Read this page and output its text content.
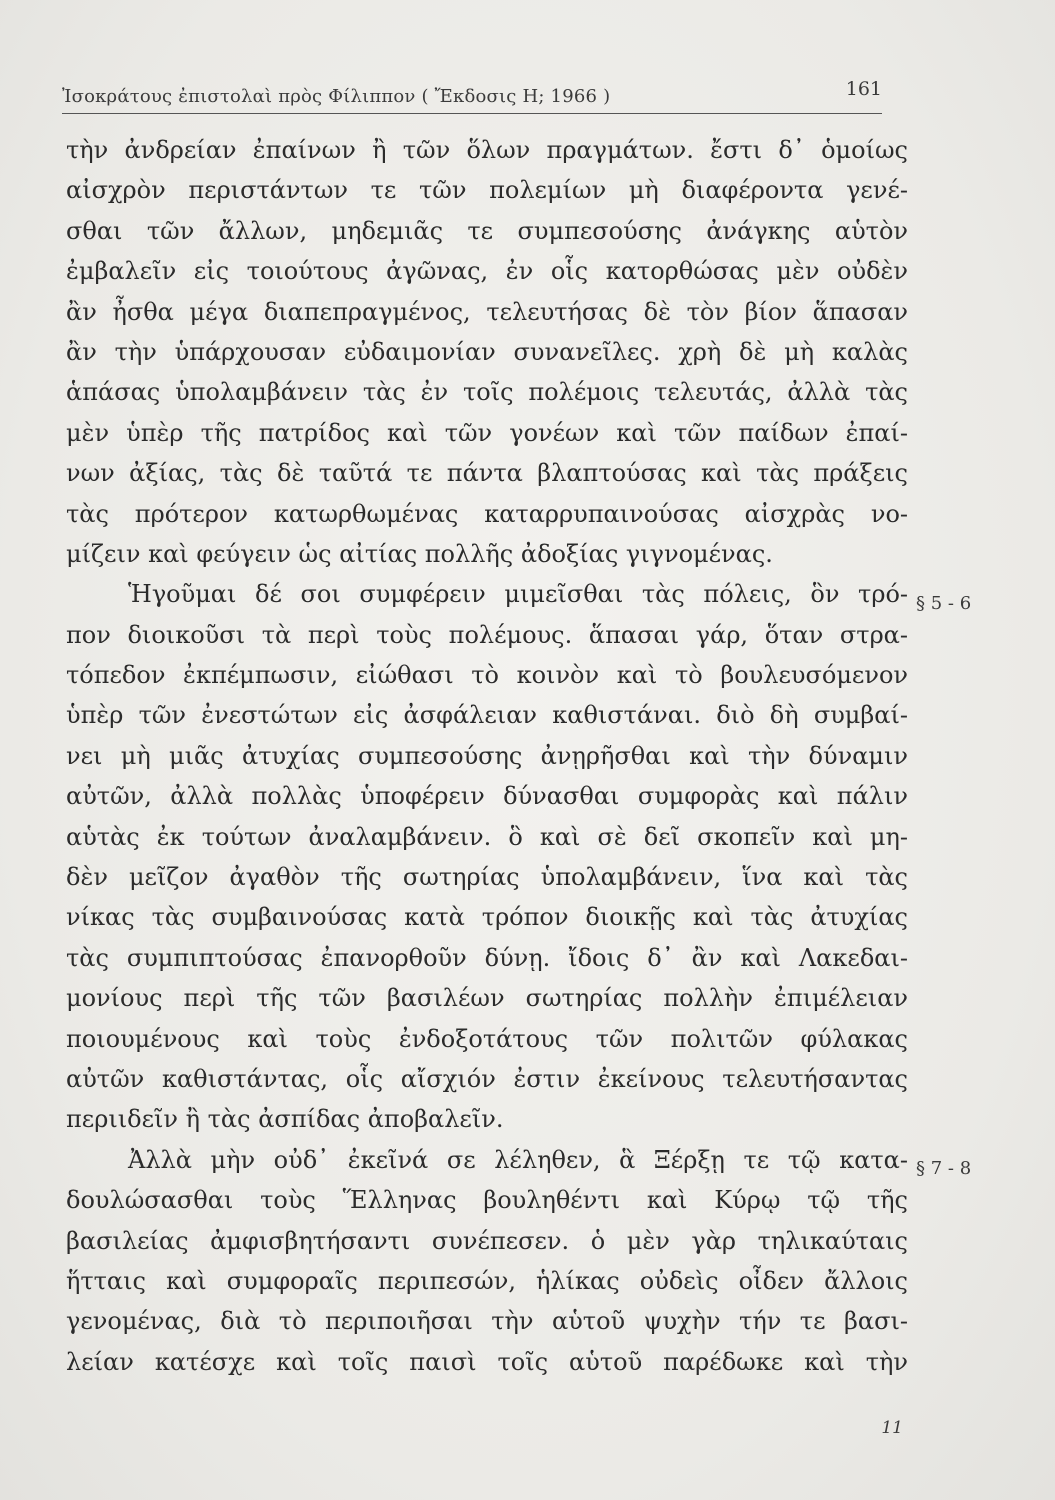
Ἰσοκράτους ἐπιστολαὶ πρὸς Φίλιππον ( Ἔκδοσις Η; 1966 )	161
τὴν ἀνδρείαν ἐπαίνων ἢ τῶν ὅλων πραγμάτων. ἔστι δ᾽ ὁμοίως
αἰσχρὸν περιστάντων τε τῶν πολεμίων μὴ διαφέροντα γενέ-
σθαι τῶν ἄλλων, μηδεμιᾶς τε συμπεσούσης ἀνάγκης αὑτὸν
ἐμβαλεῖν εἰς τοιούτους ἀγῶνας, ἐν οἷς κατορθώσας μὲν οὐδὲν
ἂν ἦσθα μέγα διαπεπραγμένος, τελευτήσας δὲ τὸν βίον ἅπασαν
ἂν τὴν ὑπάρχουσαν εὐδαιμονίαν συνανεῖλες. χρὴ δὲ μὴ καλὰς
ἁπάσας ὑπολαμβάνειν τὰς ἐν τοῖς πολέμοις τελευτάς, ἀλλὰ τὰς
μὲν ὑπὲρ τῆς πατρίδος καὶ τῶν γονέων καὶ τῶν παίδων ἐπαί-
νων ἀξίας, τὰς δὲ ταῦτά τε πάντα βλαπτούσας καὶ τὰς πράξεις
τὰς πρότερον κατωρθωμένας καταρρυπαινούσας αἰσχρὰς νο-
μίζειν καὶ φεύγειν ὡς αἰτίας πολλῆς ἀδοξίας γιγνομένας.
Ἡγοῦμαι δέ σοι συμφέρειν μιμεῖσθαι τὰς πόλεις, ὃν τρό-
πον διοικοῦσι τὰ περὶ τοὺς πολέμους. ἅπασαι γάρ, ὅταν στρα-
τόπεδον ἐκπέμπωσιν, εἰώθασι τὸ κοινὸν καὶ τὸ βουλευσόμενον
ὑπὲρ τῶν ἐνεστώτων εἰς ἀσφάλειαν καθιστάναι. διὸ δὴ συμβαί-
νει μὴ μιᾶς ἀτυχίας συμπεσούσης ἀνῃρῆσθαι καὶ τὴν δύναμιν
αὐτῶν, ἀλλὰ πολλὰς ὑποφέρειν δύνασθαι συμφορὰς καὶ πάλιν
αὑτὰς ἐκ τούτων ἀναλαμβάνειν. ὃ καὶ σὲ δεῖ σκοπεῖν καὶ μη-
δὲν μεῖζον ἀγαθὸν τῆς σωτηρίας ὑπολαμβάνειν, ἵνα καὶ τὰς
νίκας τὰς συμβαινούσας κατὰ τρόπον διοικῇς καὶ τὰς ἀτυχίας
τὰς συμπιπτούσας ἐπανορθοῦν δύνῃ. ἴδοις δ᾽ ἂν καὶ Λακεδαι-
μονίους περὶ τῆς τῶν βασιλέων σωτηρίας πολλὴν ἐπιμέλειαν
ποιουμένους καὶ τοὺς ἐνδοξοτάτους τῶν πολιτῶν φύλακας
αὐτῶν καθιστάντας, οἷς αἴσχιόν ἐστιν ἐκείνους τελευτήσαντας
περιιδεῖν ἢ τὰς ἀσπίδας ἀποβαλεῖν.
Ἀλλὰ μὴν οὐδ᾽ ἐκεῖνά σε λέληθεν, ἃ Ξέρξῃ τε τῷ κατα-
δουλώσασθαι τοὺς Ἕλληνας βουληθέντι καὶ Κύρῳ τῷ τῆς
βασιλείας ἀμφισβητήσαντι συνέπεσεν. ὁ μὲν γὰρ τηλικαύταις
ἥτταις καὶ συμφοραῖς περιπεσών, ἡλίκας οὐδεὶς οἶδεν ἄλλοις
γενομένας, διὰ τὸ περιποιῆσαι τὴν αὑτοῦ ψυχὴν τήν τε βασι-
λείαν κατέσχε καὶ τοῖς παισὶ τοῖς αὑτοῦ παρέδωκε καὶ τὴν
§ 5 - 6
§ 7 - 8
11
